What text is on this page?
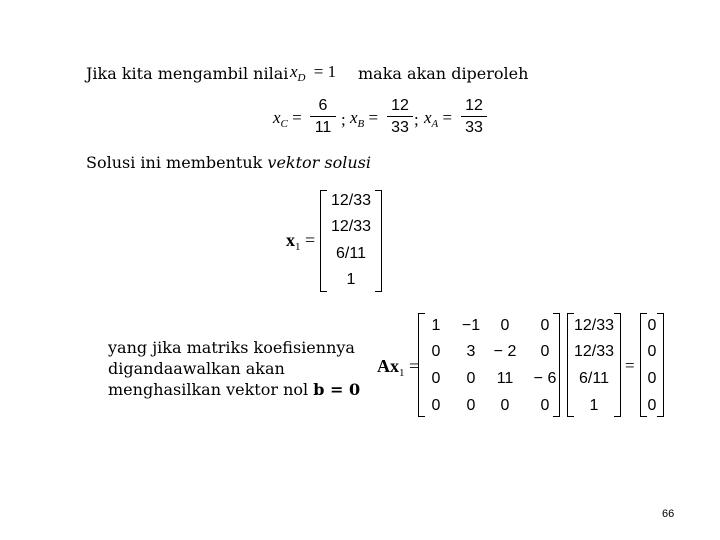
Jika kita mengambil nilai $x_D = 1$ maka akan diperoleh
$x_C$ =
6
11 ; $x_B$ =
12
33 ; $x_A$ =
12
33
Solusi ini membentuk vektor solusi
$x_1$ =
12/33
12/33
6/11
1
yang jika matriks koefisiennya
digandaawalkan akan
menghasilkan vektor nol b = 0
$Ax_1$ =
1	−1	0	0
0	3	− 2	0
0	0	11	− 6
0	0	0	0
12/33
12/33
6/11
1
=
0
0
0
0
66
